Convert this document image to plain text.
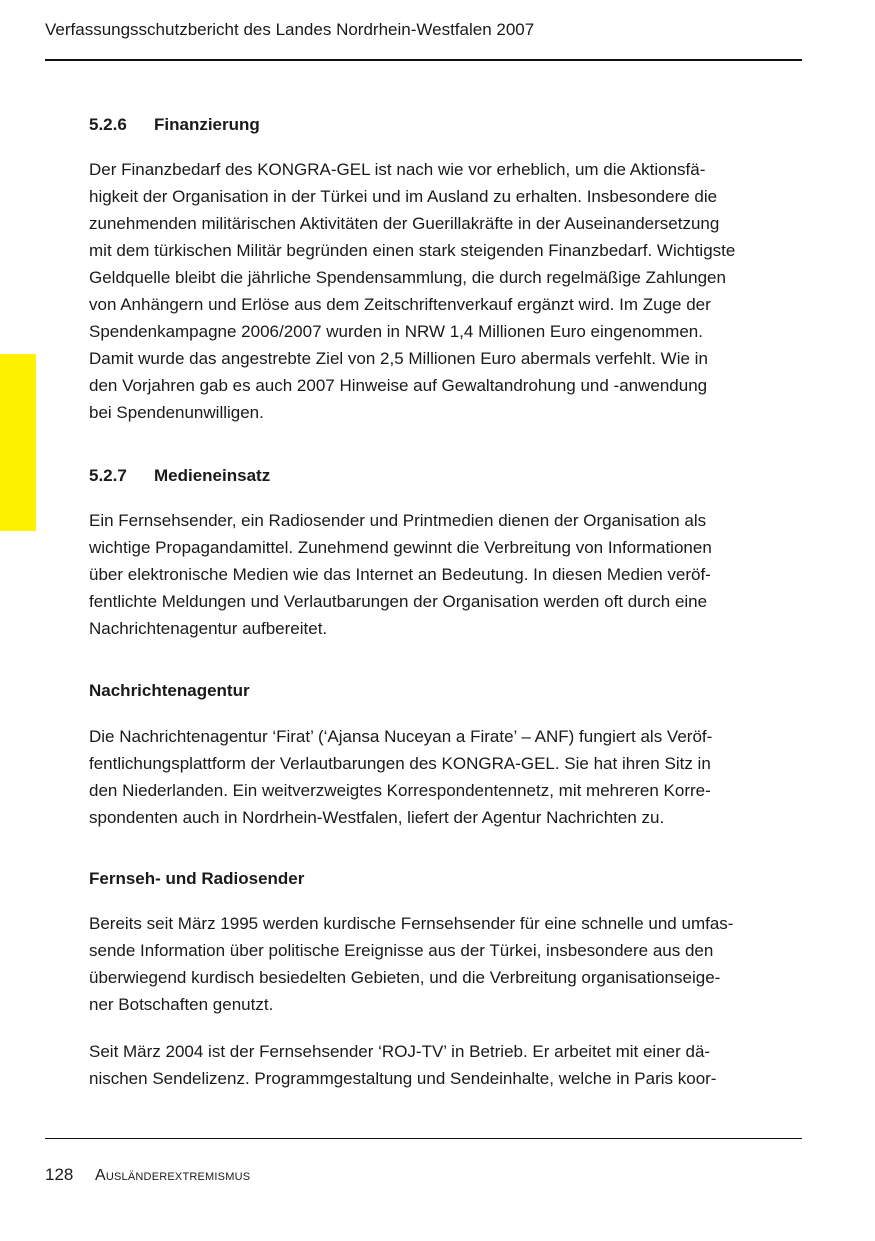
Verfassungsschutzbericht des Landes Nordrhein-Westfalen 2007
5.2.6 Finanzierung

Der Finanzbedarf des KONGRA-GEL ist nach wie vor erheblich, um die Aktionsfä-
higkeit der Organisation in der Türkei und im Ausland zu erhalten. Insbesondere die
zunehmenden militärischen Aktivitäten der Guerillakräfte in der Auseinandersetzung
mit dem türkischen Militär begründen einen stark steigenden Finanzbedarf. Wichtigste
Geldquelle bleibt die jährliche Spendensammlung, die durch regelmäßige Zahlungen
von Anhängern und Erlöse aus dem Zeitschriftenverkauf ergänzt wird. Im Zuge der
Spendenkampagne 2006/2007 wurden in NRW 1,4 Millionen Euro eingenommen.
Damit wurde das angestrebte Ziel von 2,5 Millionen Euro abermals verfehlt. Wie in
den Vorjahren gab es auch 2007 Hinweise auf Gewaltandrohung und -anwendung
bei Spendenunwilligen.

5.2.7 Medieneinsatz

Ein Fernsehsender, ein Radiosender und Printmedien dienen der Organisation als
wichtige Propagandamittel. Zunehmend gewinnt die Verbreitung von Informationen
über elektronische Medien wie das Internet an Bedeutung. In diesen Medien veröf-
fentlichte Meldungen und Verlautbarungen der Organisation werden oft durch eine
Nachrichtenagentur aufbereitet.

Nachrichtenagentur

Die Nachrichtenagentur ‘Firat’ (‘Ajansa Nuceyan a Firate’ – ANF) fungiert als Veröf-
fentlichungsplattform der Verlautbarungen des KONGRA-GEL. Sie hat ihren Sitz in
den Niederlanden. Ein weitverzweigtes Korrespondentennetz, mit mehreren Korre-
spondenten auch in Nordrhein-Westfalen, liefert der Agentur Nachrichten zu.

Fernseh- und Radiosender

Bereits seit März 1995 werden kurdische Fernsehsender für eine schnelle und umfas-
sende Information über politische Ereignisse aus der Türkei, insbesondere aus den
überwiegend kurdisch besiedelten Gebieten, und die Verbreitung organisationseige-
ner Botschaften genutzt.

Seit März 2004 ist der Fernsehsender ‘ROJ-TV’ in Betrieb. Er arbeitet mit einer dä-
nischen Sendelizenz. Programmgestaltung und Sendeinhalte, welche in Paris koor-

128 Ausländerextremismus
